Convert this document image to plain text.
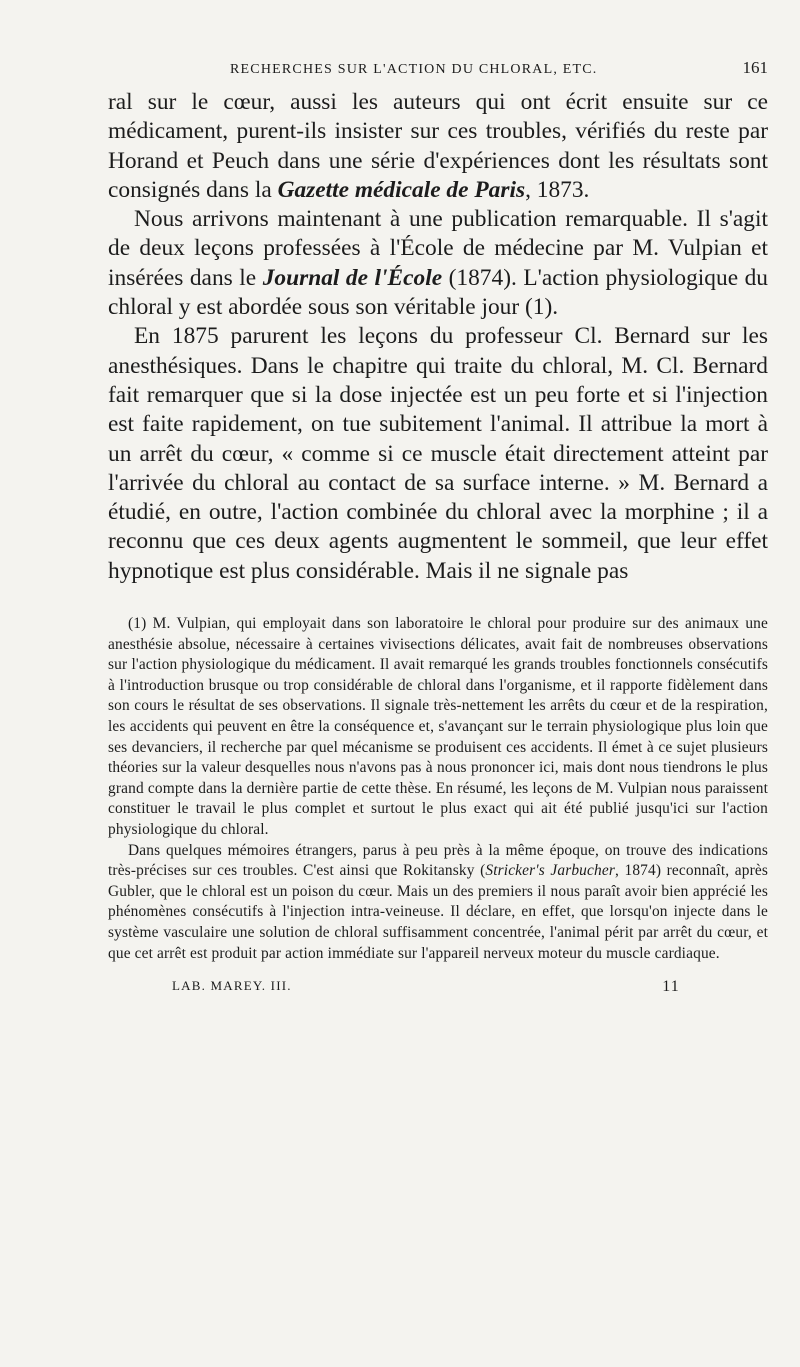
RECHERCHES SUR L'ACTION DU CHLORAL, ETC.	161

ral sur le cœur, aussi les auteurs qui ont écrit ensuite sur ce médicament, purent-ils insister sur ces troubles, vérifiés du reste par Horand et Peuch dans une série d'expériences dont les résultats sont consignés dans la Gazette médicale de Paris, 1873.

Nous arrivons maintenant à une publication remarquable. Il s'agit de deux leçons professées à l'École de médecine par M. Vulpian et insérées dans le Journal de l'École (1874). L'action physiologique du chloral y est abordée sous son véritable jour (1).

En 1875 parurent les leçons du professeur Cl. Bernard sur les anesthésiques. Dans le chapitre qui traite du chloral, M. Cl. Bernard fait remarquer que si la dose injectée est un peu forte et si l'injection est faite rapidement, on tue subitement l'animal. Il attribue la mort à un arrêt du cœur, « comme si ce muscle était directement atteint par l'arrivée du chloral au contact de sa surface interne. » M. Bernard a étudié, en outre, l'action combinée du chloral avec la morphine ; il a reconnu que ces deux agents augmentent le sommeil, que leur effet hypnotique est plus considérable. Mais il ne signale pas

(1) M. Vulpian, qui employait dans son laboratoire le chloral pour produire sur des animaux une anesthésie absolue, nécessaire à certaines vivisections délicates, avait fait de nombreuses observations sur l'action physiologique du médicament. Il avait remarqué les grands troubles fonctionnels consécutifs à l'introduction brusque ou trop considérable de chloral dans l'organisme, et il rapporte fidèlement dans son cours le résultat de ses observations. Il signale très-nettement les arrêts du cœur et de la respiration, les accidents qui peuvent en être la conséquence et, s'avançant sur le terrain physiologique plus loin que ses devanciers, il recherche par quel mécanisme se produisent ces accidents. Il émet à ce sujet plusieurs théories sur la valeur desquelles nous n'avons pas à nous prononcer ici, mais dont nous tiendrons le plus grand compte dans la dernière partie de cette thèse. En résumé, les leçons de M. Vulpian nous paraissent constituer le travail le plus complet et surtout le plus exact qui ait été publié jusqu'ici sur l'action physiologique du chloral.

Dans quelques mémoires étrangers, parus à peu près à la même époque, on trouve des indications très-précises sur ces troubles. C'est ainsi que Rokitansky (Stricker's Jarbucher, 1874) reconnaît, après Gubler, que le chloral est un poison du cœur. Mais un des premiers il nous paraît avoir bien apprécié les phénomènes consécutifs à l'injection intra-veineuse. Il déclare, en effet, que lorsqu'on injecte dans le système vasculaire une solution de chloral suffisamment concentrée, l'animal périt par arrêt du cœur, et que cet arrêt est produit par action immédiate sur l'appareil nerveux moteur du muscle cardiaque.

LAB. MAREY. III.	11
